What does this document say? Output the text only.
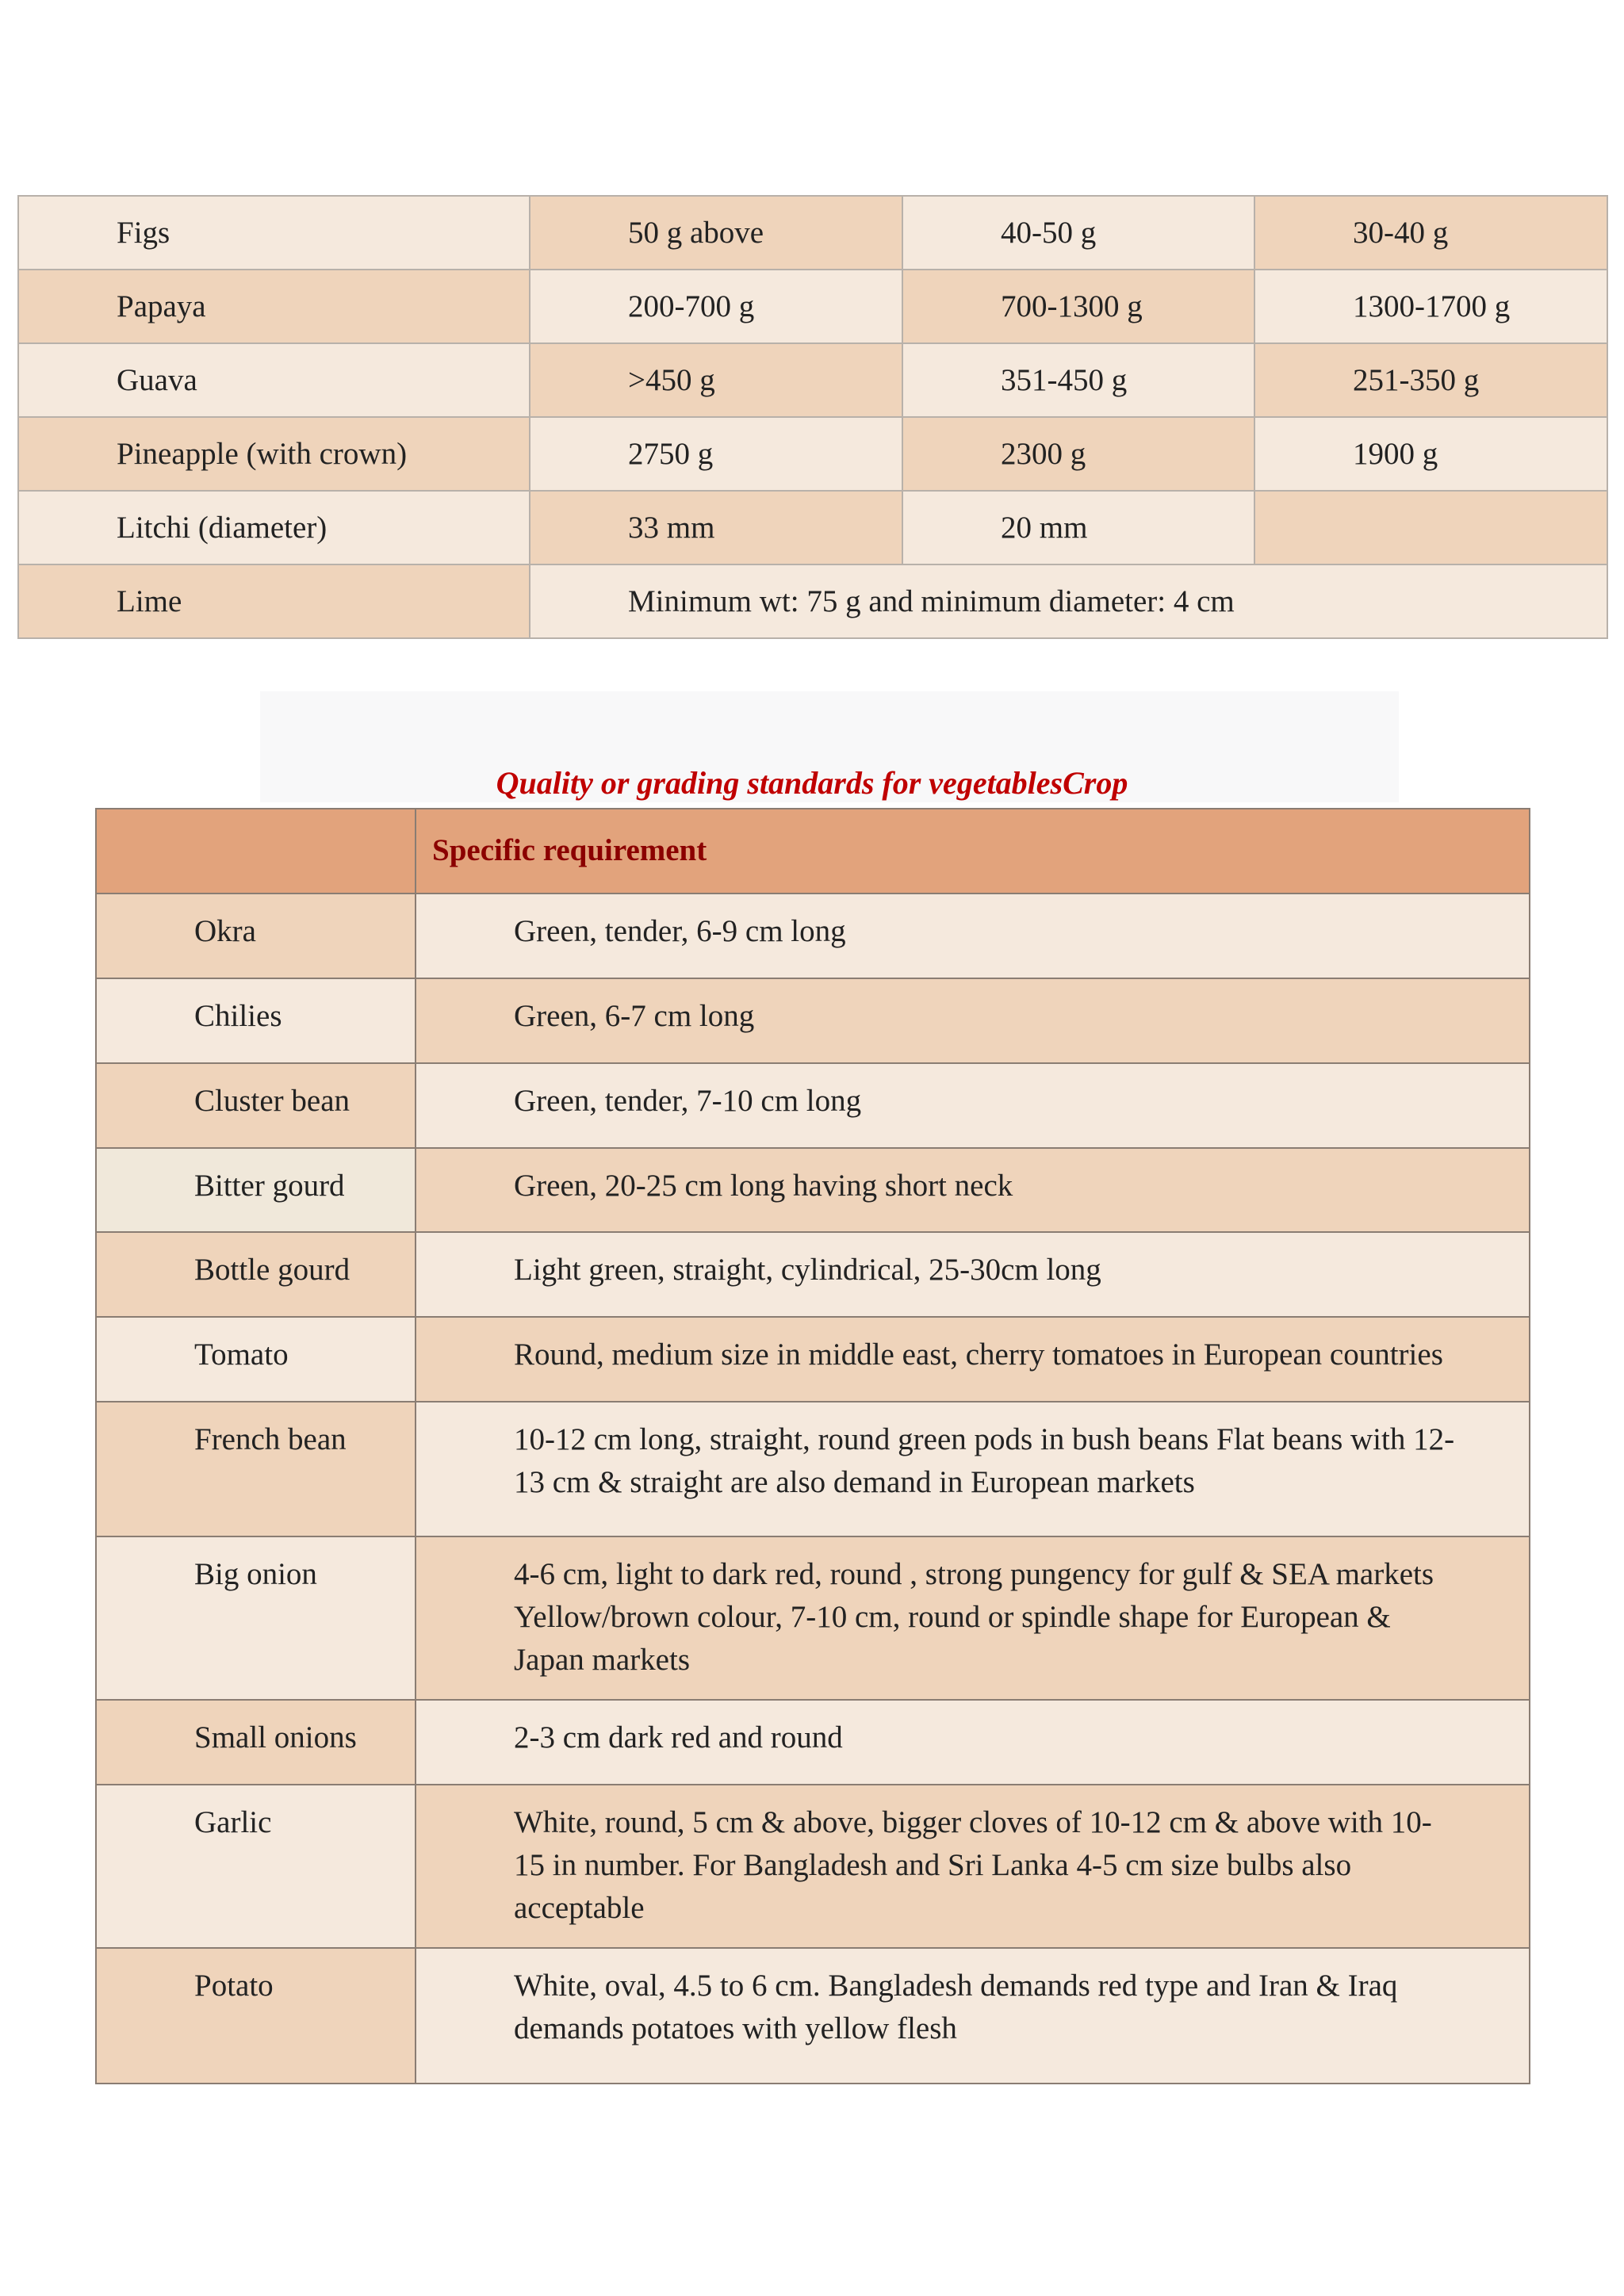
Figs	50 g above	40-50 g	30-40 g
Papaya	200-700 g	700-1300 g	1300-1700 g
Guava	>450 g	351-450 g	251-350 g
Pineapple (with crown)	2750 g	2300 g	1900 g
Litchi (diameter)	33 mm	20 mm	
Lime	Minimum wt: 75 g and minimum diameter: 4 cm		

Quality or grading standards for vegetablesCrop

	Specific requirement
Okra	Green, tender, 6-9 cm long
Chilies	Green, 6-7 cm long
Cluster bean	Green, tender, 7-10 cm long
Bitter gourd	Green, 20-25 cm long having short neck
Bottle gourd	Light green, straight, cylindrical, 25-30cm long
Tomato	Round, medium size in middle east, cherry tomatoes in European countries
French bean	10-12 cm long, straight, round green pods in bush beans Flat beans with 12-
13 cm & straight are also demand in European markets
Big onion	4-6 cm, light to dark red, round , strong pungency for gulf & SEA markets
Yellow/brown colour, 7-10 cm, round or spindle shape for European &
Japan markets
Small onions	2-3 cm dark red and round
Garlic	White, round, 5 cm & above, bigger cloves of 10-12 cm & above with 10-
15 in number. For Bangladesh and Sri Lanka 4-5 cm size bulbs also
acceptable
Potato	White, oval, 4.5 to 6 cm. Bangladesh demands red type and Iran & Iraq
demands potatoes with yellow flesh
